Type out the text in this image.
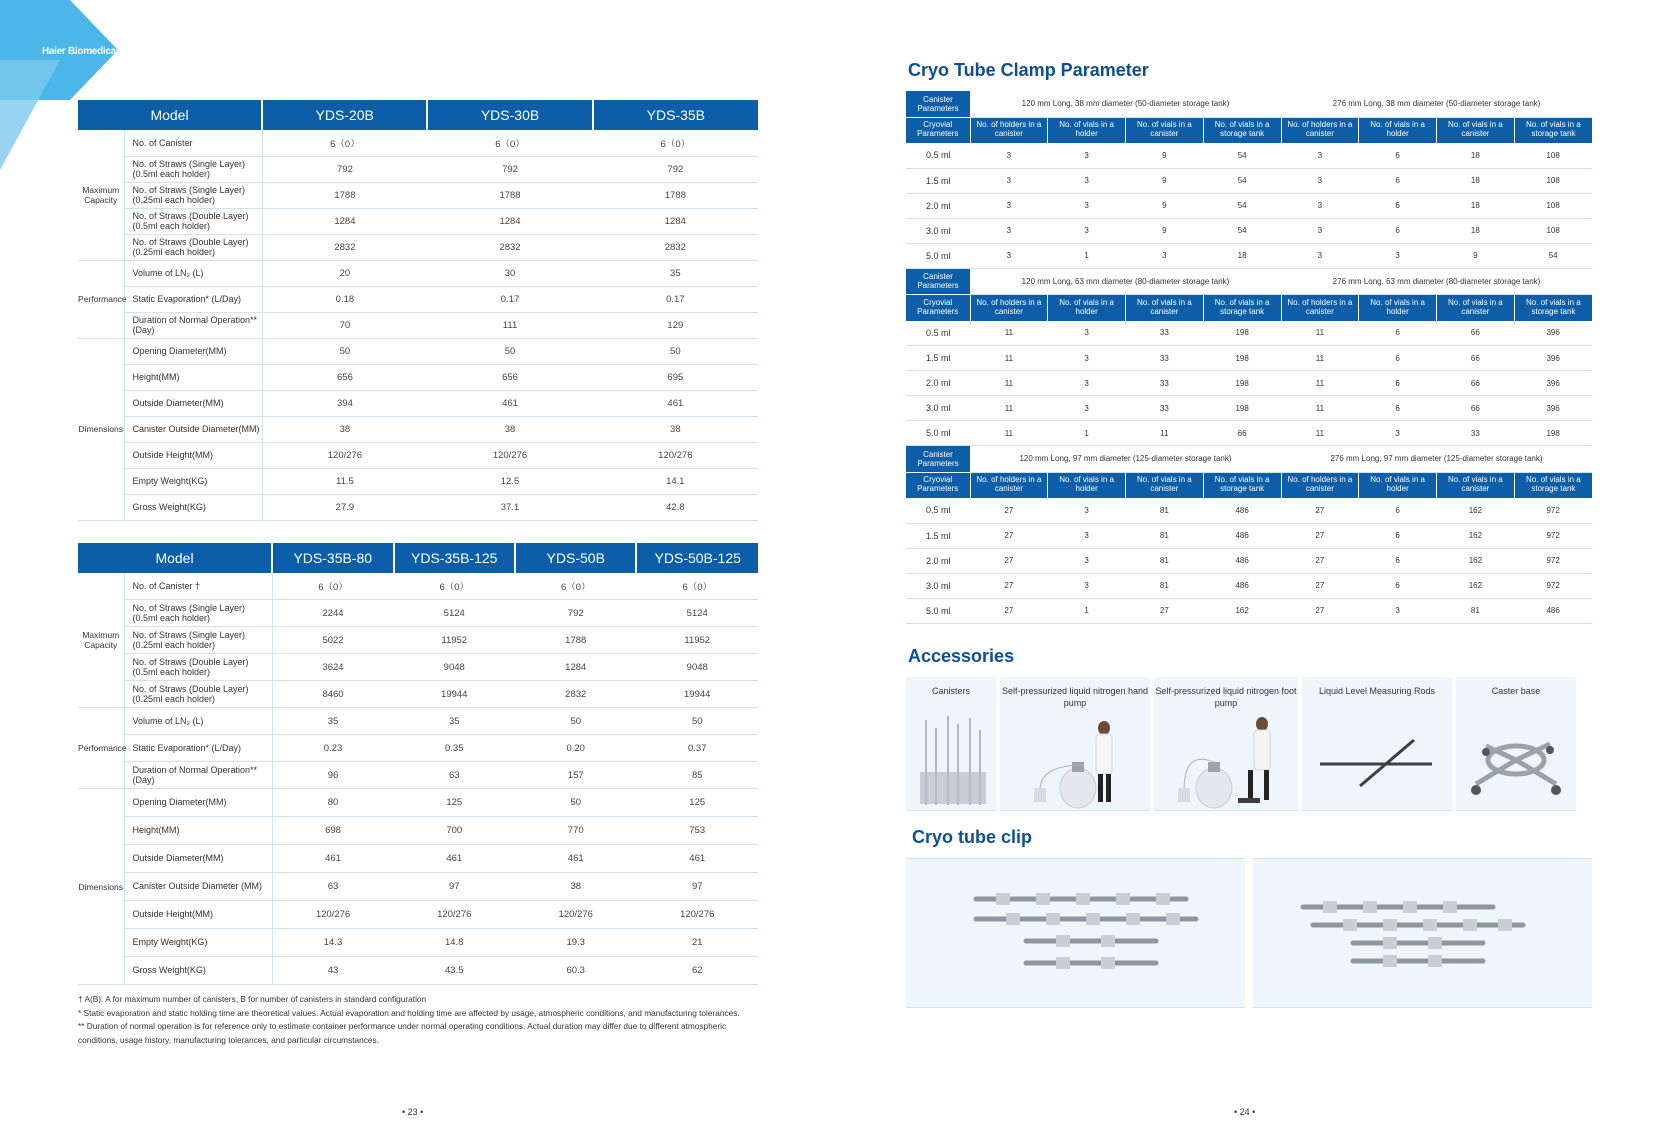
Haier Biomedical
Model		YDS-20B	YDS-30B	YDS-35B
Maximum Capacity	No. of Canister	6（0）	6（0）	6（0）
	No. of Straws (Single Layer) (0.5ml each holder)	792	792	792
	No. of Straws (Single Layer) (0.25ml each holder)	1788	1788	1788
	No. of Straws (Double Layer) (0.5ml each holder)	1284	1284	1284
	No. of Straws (Double Layer) (0.25ml each holder)	2832	2832	2832
Performance	Volume of LN₂ (L)	20	30	35
	Static Evaporation* (L/Day)	0.18	0.17	0.17
	Duration of Normal Operation** (Day)	70	111	129
Dimensions	Opening Diameter(MM)	50	50	50
	Height(MM)	656	656	695
	Outside Diameter(MM)	394	461	461
	Canister Outside Diameter(MM)	38	38	38
	Outside Height(MM)	120/276	120/276	120/276
	Empty Weight(KG)	11.5	12.5	14.1
	Gross Weight(KG)	27.9	37.1	42.8
Model		YDS-35B-80	YDS-35B-125	YDS-50B	YDS-50B-125
Maximum Capacity	No. of Canister †	6（0）	6（0）	6（0）	6（0）
	No. of Straws (Single Layer) (0.5ml each holder)	2244	5124	792	5124
	No. of Straws (Single Layer) (0.25ml each holder)	5022	11952	1788	11952
	No. of Straws (Double Layer) (0.5ml each holder)	3624	9048	1284	9048
	No. of Straws (Double Layer) (0.25ml each holder)	8460	19944	2832	19944
Performance	Volume of LN₂ (L)	35	35	50	50
	Static Evaporation* (L/Day)	0.23	0.35	0.20	0.37
	Duration of Normal Operation** (Day)	96	63	157	85
Dimensions	Opening Diameter(MM)	80	125	50	125
	Height(MM)	698	700	770	753
	Outside Diameter(MM)	461	461	461	461
	Canister Outside Diameter (MM)	63	97	38	97
	Outside Height(MM)	120/276	120/276	120/276	120/276
	Empty Weight(KG)	14.3	14.8	19.3	21
	Gross Weight(KG)	43	43.5	60.3	62
† A(B): A for maximum number of canisters, B for number of canisters in standard configuration
* Static evaporation and static holding time are theoretical values. Actual evaporation and holding time are affected by usage, atmospheric conditions, and manufacturing tolerances.
** Duration of normal operation is for reference only to estimate container performance under normal operating conditions. Actual duration may differ due to different atmospheric conditions, usage history, manufacturing tolerances, and particular circumstances.
• 23 •
Cryo Tube Clamp Parameter
Canister Parameters	120 mm Long, 38 mm diameter (50-diameter storage tank)				276 mm Long, 38 mm diameter (50-diameter storage tank)			
Cryovial Parameters	No. of holders in a canister	No. of vials in a holder	No. of vials in a canister	No. of vials in a storage tank	No. of holders in a canister	No. of vials in a holder	No. of vials in a canister	No. of vials in a storage tank
0.5 ml	3	3	9	54	3	6	18	108
1.5 ml	3	3	9	54	3	6	18	108
2.0 ml	3	3	9	54	3	6	18	108
3.0 ml	3	3	9	54	3	6	18	108
5.0 ml	3	1	3	18	3	3	9	54
Canister Parameters	120 mm Long, 63 mm diameter (80-diameter storage tank)				276 mm Long, 63 mm diameter (80-diameter storage tank)			
Cryovial Parameters	No. of holders in a canister	No. of vials in a holder	No. of vials in a canister	No. of vials in a storage tank	No. of holders in a canister	No. of vials in a holder	No. of vials in a canister	No. of vials in a storage tank
0.5 ml	11	3	33	198	11	6	66	396
1.5 ml	11	3	33	198	11	6	66	396
2.0 ml	11	3	33	198	11	6	66	396
3.0 ml	11	3	33	198	11	6	66	396
5.0 ml	11	1	11	66	11	3	33	198
Canister Parameters	120 mm Long, 97 mm diameter (125-diameter storage tank)				276 mm Long, 97 mm diameter (125-diameter storage tank)			
Cryovial Parameters	No. of holders in a canister	No. of vials in a holder	No. of vials in a canister	No. of vials in a storage tank	No. of holders in a canister	No. of vials in a holder	No. of vials in a canister	No. of vials in a storage tank
0.5 ml	27	3	81	486	27	6	162	972
1.5 ml	27	3	81	486	27	6	162	972
2.0 ml	27	3	81	486	27	6	162	972
3.0 ml	27	3	81	486	27	6	162	972
5.0 ml	27	1	27	162	27	3	81	486
Accessories
Canisters	Self-pressurized liquid nitrogen hand pump
Self-pressurized liquid nitrogen foot pump
Liquid Level Measuring Rods	Caster base
Cryo tube clip
• 24 •
